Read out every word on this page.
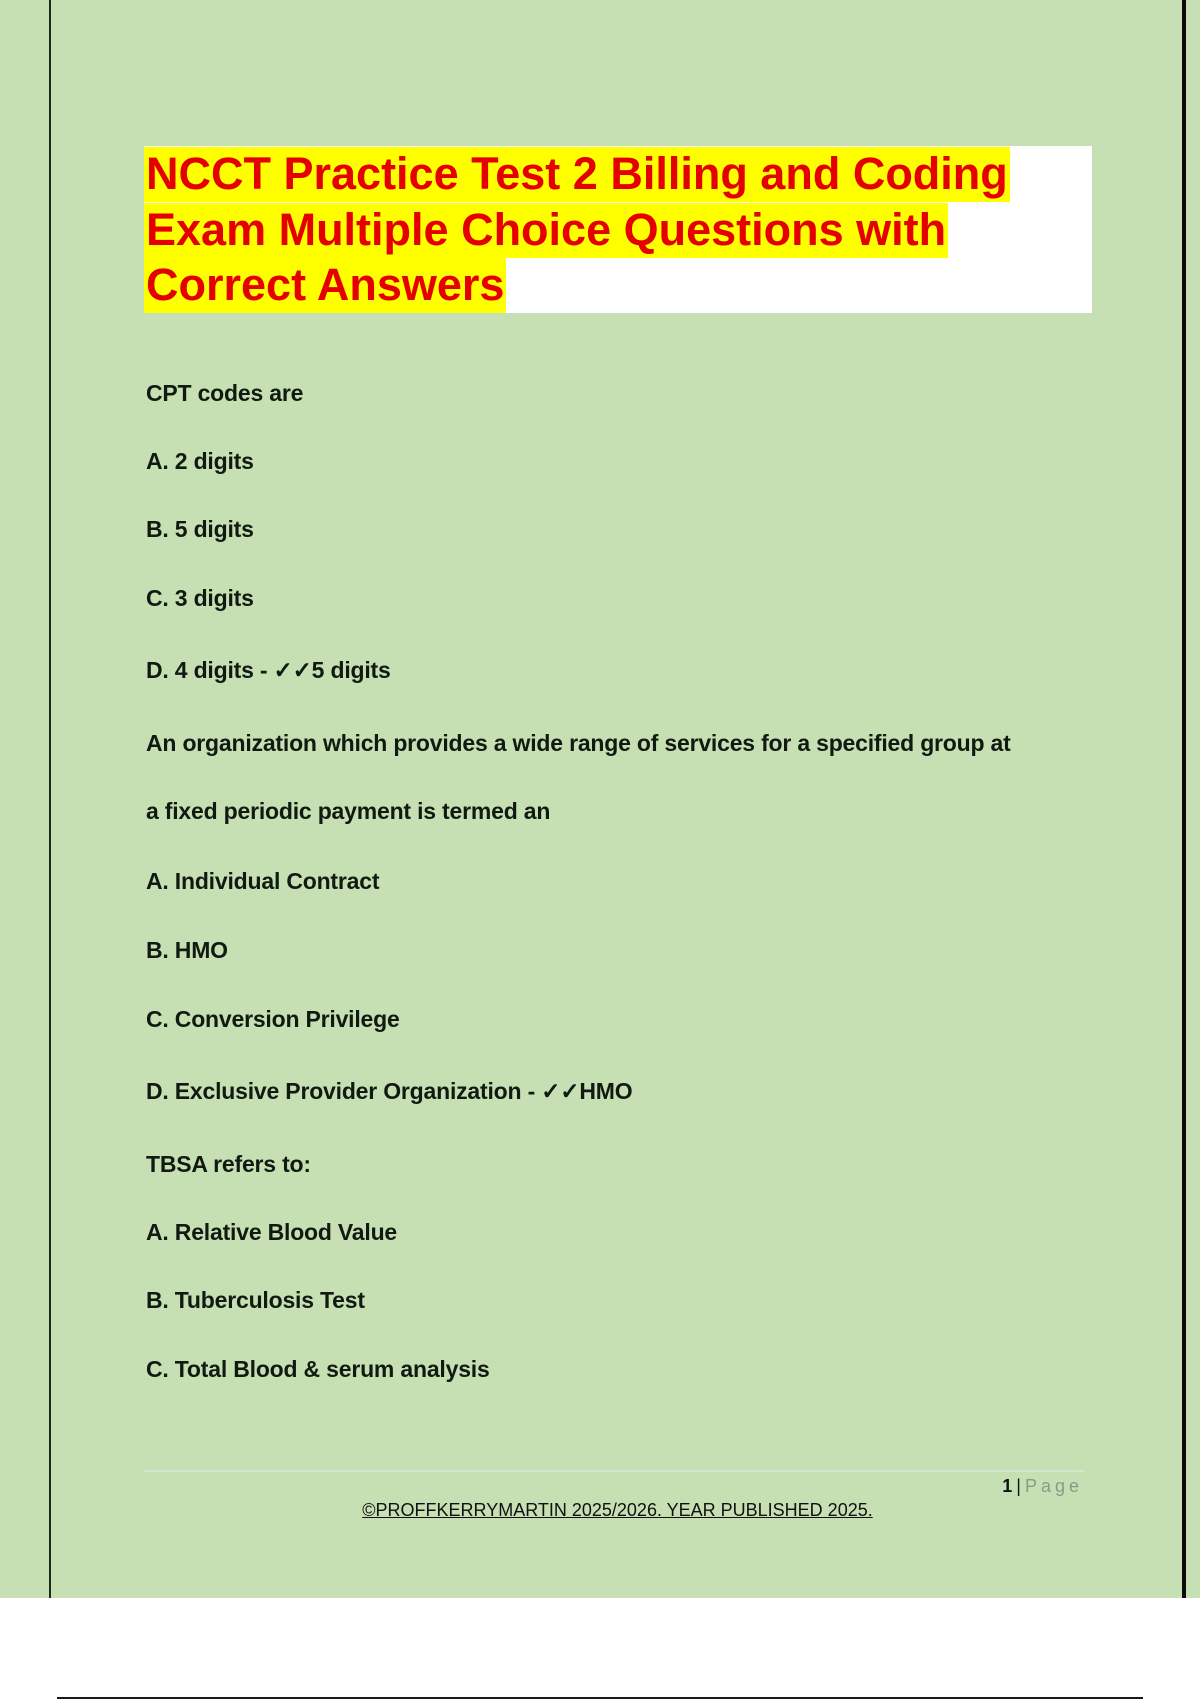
NCCT Practice Test 2 Billing and Coding
Exam Multiple Choice Questions with
Correct Answers
CPT codes are
A. 2 digits
B. 5 digits
C. 3 digits
D. 4 digits - ✓✓5 digits
An organization which provides a wide range of services for a specified group at
a fixed periodic payment is termed an
A. Individual Contract
B. HMO
C. Conversion Privilege
D. Exclusive Provider Organization - ✓✓HMO
TBSA refers to:
A. Relative Blood Value
B. Tuberculosis Test
C. Total Blood & serum analysis
1 | Page
©PROFFKERRYMARTIN 2025/2026. YEAR PUBLISHED 2025.
